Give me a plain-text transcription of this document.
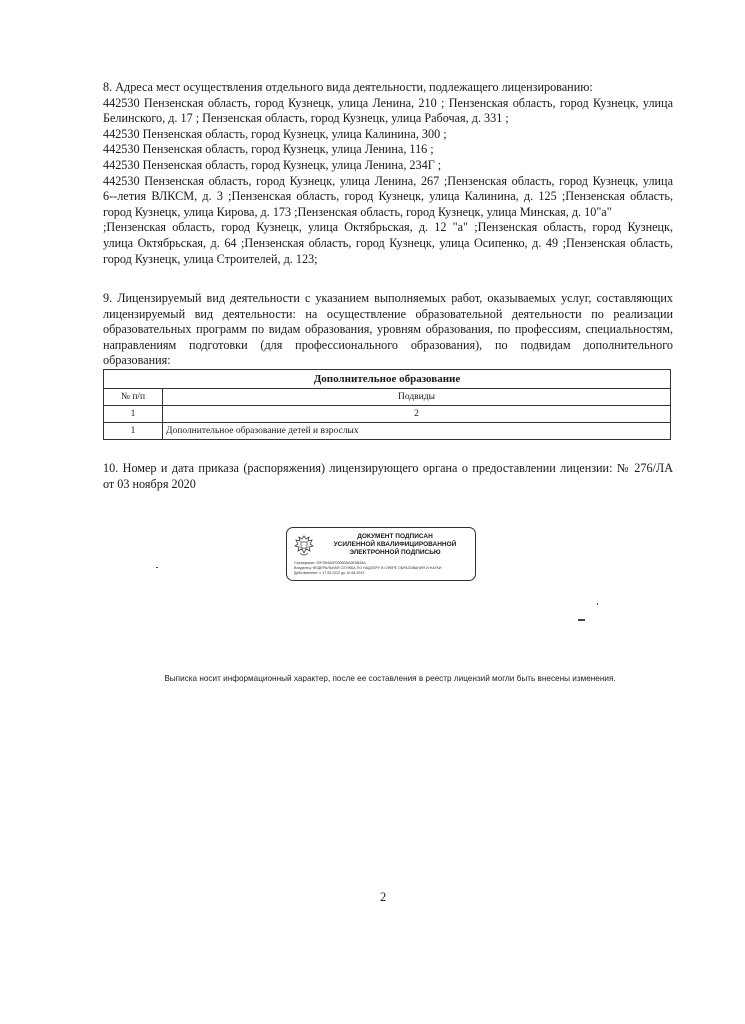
8. Адреса мест осуществления отдельного вида деятельности, подлежащего лицензированию:

442530 Пензенская область, город Кузнецк, улица Ленина, 210 ; Пензенская область, город Кузнецк, улица

Белинского, д. 17 ; Пензенская область, город Кузнецк, улица Рабочая, д. 331 ;

442530 Пензенская область, город Кузнецк, улица Калинина, 300 ;

442530 Пензенская область, город Кузнецк, улица Ленина, 116 ;

442530 Пензенская область, город Кузнецк, улица Ленина, 234Г ;

442530 Пензенская область, город Кузнецк, улица Ленина, 267 ;Пензенская область, город Кузнецк, улица

6--летия ВЛКСМ, д. 3 ;Пензенская область, город Кузнецк, улица Калинина, д. 125 ;Пензенская область,

город Кузнецк, улица Кирова, д. 173 ;Пензенская область, город Кузнецк, улица Минская, д. 10"а"

;Пензенская область, город Кузнецк, улица Октябрьская, д. 12 "а" ;Пензенская область, город Кузнецк,

улица Октябрьская, д. 64 ;Пензенская область, город Кузнецк, улица Осипенко, д. 49 ;Пензенская область,

город Кузнецк, улица Строителей, д. 123;

9. Лицензируемый вид деятельности с указанием выполняемых работ, оказываемых услуг, составляющих

лицензируемый вид деятельности: на осуществление образовательной деятельности по реализации

образовательных программ по видам образования, уровням образования, по профессиям, специальностям,

направлениям подготовки (для профессионального образования), по подвидам дополнительного

образования:

Дополнительное образование	
№ п/п	Подвиды
1	2
1	Дополнительное образование детей и взрослых

10. Номер и дата приказа (распоряжения) лицензирующего органа о предоставлении лицензии: № 276/ЛА

от 03 ноября 2020

ДОКУМЕНТ ПОДПИСАН
УСИЛЕННОЙ КВАЛИФИЦИРОВАННОЙ
ЭЛЕКТРОННОЙ ПОДПИСЬЮ
Сертификат: 00F2B4A0F0005D5A9E5B45A
Владелец: ФЕДЕРАЛЬНАЯ СЛУЖБА ПО НАДЗОРУ В СФЕРЕ ОБРАЗОВАНИЯ И НАУКИ
Действителен: с 17.05.2022 до 10.08.2023
Выписка носит информационный характер, после ее составления в реестр лицензий могли быть внесены изменения.
2
